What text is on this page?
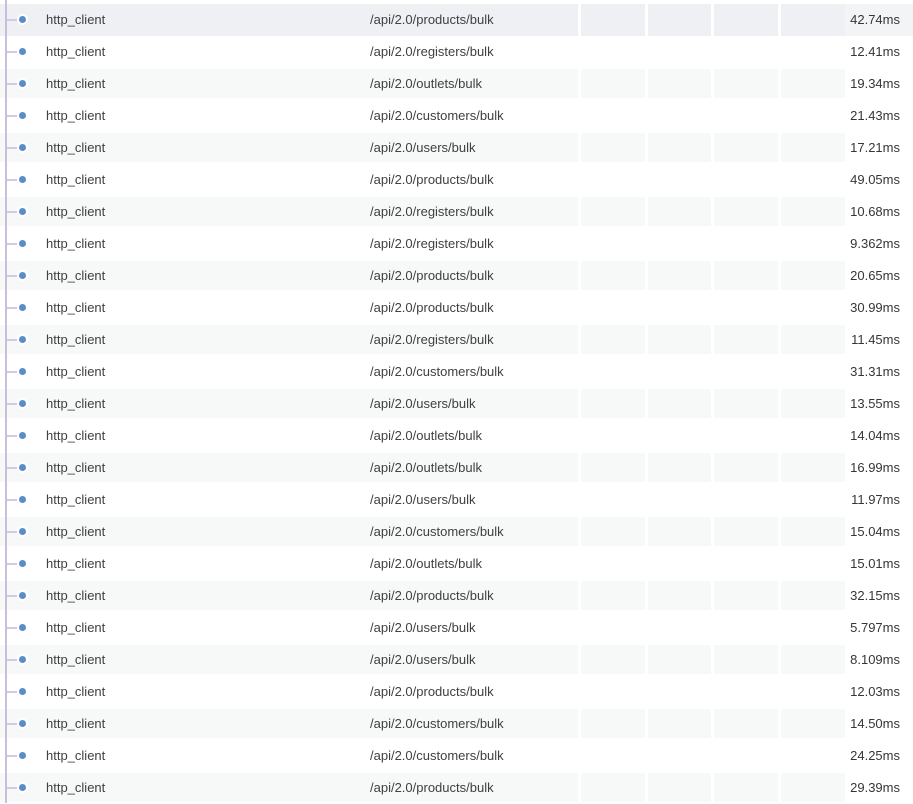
http_client	/api/2.0/products/bulk	42.74ms
http_client	/api/2.0/registers/bulk	12.41ms
http_client	/api/2.0/outlets/bulk	19.34ms
http_client	/api/2.0/customers/bulk	21.43ms
http_client	/api/2.0/users/bulk	17.21ms
http_client	/api/2.0/products/bulk	49.05ms
http_client	/api/2.0/registers/bulk	10.68ms
http_client	/api/2.0/registers/bulk	9.362ms
http_client	/api/2.0/products/bulk	20.65ms
http_client	/api/2.0/products/bulk	30.99ms
http_client	/api/2.0/registers/bulk	11.45ms
http_client	/api/2.0/customers/bulk	31.31ms
http_client	/api/2.0/users/bulk	13.55ms
http_client	/api/2.0/outlets/bulk	14.04ms
http_client	/api/2.0/outlets/bulk	16.99ms
http_client	/api/2.0/users/bulk	11.97ms
http_client	/api/2.0/customers/bulk	15.04ms
http_client	/api/2.0/outlets/bulk	15.01ms
http_client	/api/2.0/products/bulk	32.15ms
http_client	/api/2.0/users/bulk	5.797ms
http_client	/api/2.0/users/bulk	8.109ms
http_client	/api/2.0/products/bulk	12.03ms
http_client	/api/2.0/customers/bulk	14.50ms
http_client	/api/2.0/customers/bulk	24.25ms
http_client	/api/2.0/products/bulk	29.39ms
